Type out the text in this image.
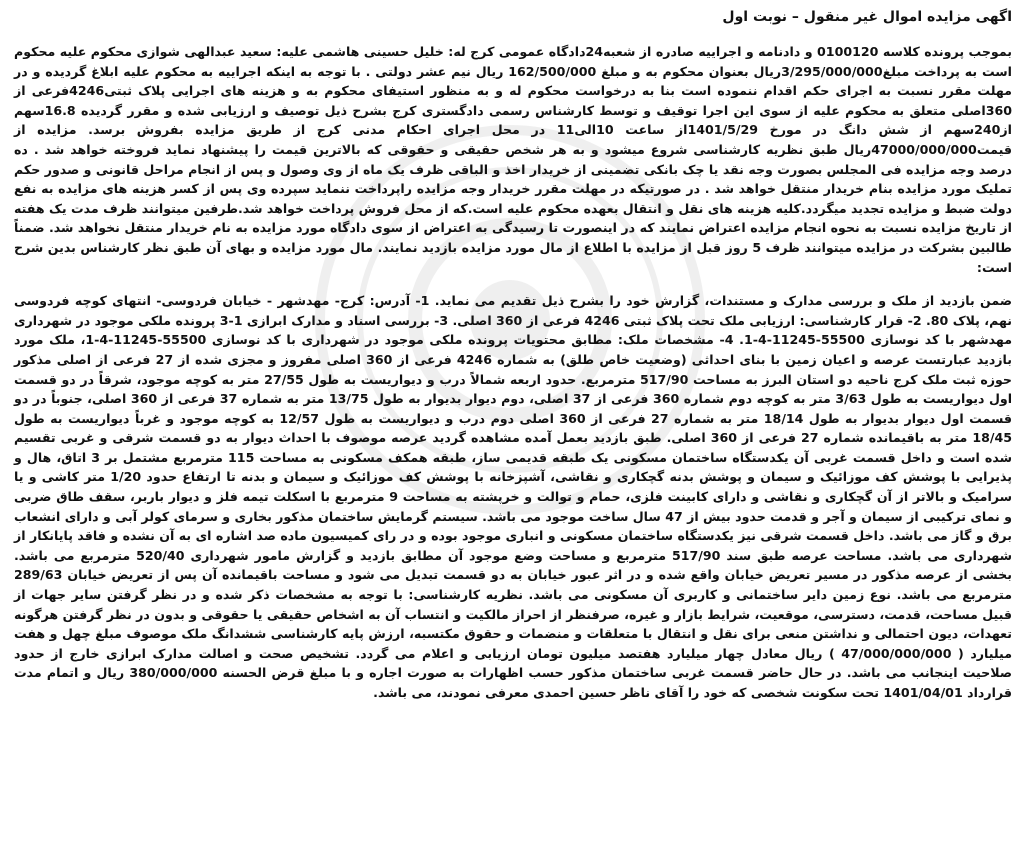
اگهی مزایده اموال غیر منقول – نوبت اول

بموجب پرونده کلاسه 0100120 و دادنامه و اجراییه صادره از شعبه24دادگاه عمومی کرج له: خلیل حسینی هاشمی علیه: سعید عبدالهی شوازی محکوم علیه محکوم است به پرداخت مبلغ3/295/000/000ریال بعنوان محکوم به و مبلغ 162/500/000 ریال نیم عشر دولتی . با توجه به اینکه اجراییه به محکوم علیه ابلاغ گردیده و در مهلت مقرر نسبت به اجرای حکم اقدام ننموده است بنا به درخواست محکوم له و به منظور استیفای محکوم به و هزینه های اجرایی پلاک ثبتی4246فرعی از 360اصلی متعلق به محکوم علیه از سوی این اجرا توقیف و توسط کارشناس رسمی دادگستری کرج بشرح ذیل توصیف و ارزیابی شده و مقرر گردیده 16.8سهم از240سهم از شش دانگ در مورخ 1401/5/29از ساعت 10الی11 در محل اجرای احکام مدنی کرج از طریق مزایده بفروش برسد. مزایده از قیمت47000/000/000ریال طبق نظریه کارشناسی شروع میشود و به هر شخص حقیقی و حقوقی که بالاترین قیمت را پیشنهاد نماید فروخته خواهد شد . ده درصد وجه مزایده فی المجلس بصورت وجه نقد یا چک بانکی تضمینی از خریدار اخذ و الباقی ظرف یک ماه از وی وصول و پس از انجام مراحل قانونی و صدور حکم تملیک مورد مزایده بنام خریدار منتقل خواهد شد . در صورتیکه در مهلت مقرر خریدار وجه مزایده راپرداخت ننماید سپرده وی پس از کسر هزینه های مزایده به نفع دولت ضبط و مزایده تجدید میگردد.کلیه هزینه های نقل و انتقال بعهده محکوم علیه است.که از محل فروش پرداخت خواهد شد.طرفین میتوانند ظرف مدت یک هفته از تاریخ مزایده نسبت به نحوه انجام مزایده اعتراض نمایند که در اینصورت تا رسیدگی به اعتراض از سوی دادگاه مورد مزایده به نام خریدار منتقل نخواهد شد. ضمناً طالبین بشرکت در مزایده میتوانند ظرف 5 روز قبل از مزایده با اطلاع از مال مورد مزایده بازدید نمایند. مال مورد مزایده و بهای آن طبق نظر کارشناس بدین شرح است:

ضمن بازدید از ملک و بررسی مدارک و مستندات، گزارش خود را بشرح ذیل تقدیم می نماید. 1- آدرس: کرج- مهدشهر - خیابان فردوسی- انتهای کوچه فردوسی نهم، پلاک 80. 2- قرار کارشناسی: ارزیابی ملک تحت پلاک ثبتی 4246 فرعی از 360 اصلی. 3- بررسی اسناد و مدارک ابرازی 1-3 پرونده ملکی موجود در شهرداری مهدشهر با کد نوسازی 55500-11245-4-1. 4- مشخصات ملک: مطابق محتویات پرونده ملکی موجود در شهرداری با کد نوسازی 55500-11245-4-1، ملک مورد بازدید عبارتست عرصه و اعیان زمین با بنای احداثی (وضعیت خاص طلق) به شماره 4246 فرعی از 360 اصلی مفروز و مجزی شده از 27 فرعی از اصلی مذکور حوزه ثبت ملک کرج ناحیه دو استان البرز به مساحت 517/90 مترمربع. حدود اربعه شمالاً درب و دیواریست به طول 27/55 متر به کوچه موجود، شرقاً در دو قسمت اول دیواریست به طول 3/63 متر به کوچه دوم شماره 360 فرعی از 37 اصلی، دوم دیوار بدیوار به طول 13/75 متر به شماره 37 فرعی از 360 اصلی، جنوباً در دو قسمت اول دیوار بدیوار به طول 18/14 متر به شماره 27 فرعی از 360 اصلی دوم درب و دیواریست به طول 12/57 به کوچه موجود و غرباً دیواریست به طول 18/45 متر به باقیمانده شماره 27 فرعی از 360 اصلی. طبق بازدید بعمل آمده مشاهده گردید عرصه موصوف با احداث دیوار به دو قسمت شرقی و غربی تقسیم شده است و داخل قسمت غربی آن یکدستگاه ساختمان مسکونی یک طبقه قدیمی ساز، طبقه همکف مسکونی به مساحت 115 مترمربع مشتمل بر 3 اتاق، هال و پذیرایی با پوشش کف موزائیک و سیمان و پوشش بدنه گچکاری و نقاشی، آشپزخانه با پوشش کف موزائیک و سیمان و بدنه تا ارتفاع حدود 1/20 متر کاشی و یا سرامیک و بالاتر از آن گچکاری و نقاشی و دارای کابینت فلزی، حمام و توالت و خرپشته به مساحت 9 مترمربع با اسکلت تیمه فلز و دیوار باربر، سقف طاق ضربی و نمای ترکیبی از سیمان و آجر و قدمت حدود بیش از 47 سال ساخت موجود می باشد. سیستم گرمایش ساختمان مذکور بخاری و سرمای کولر آبی و دارای انشعاب برق و گاز می باشد. داخل قسمت شرقی نیز یکدستگاه ساختمان مسکونی و انباری موجود بوده و در رای کمیسیون ماده صد اشاره ای به آن نشده و فاقد پایانکار از شهرداری می باشد. مساحت عرصه طبق سند 517/90 مترمربع و مساحت وضع موجود آن مطابق بازدید و گزارش مامور شهرداری 520/40 مترمربع می باشد. بخشی از عرصه مذکور در مسیر تعریض خیابان واقع شده و در اثر عبور خیابان به دو قسمت تبدیل می شود و مساحت باقیمانده آن پس از تعریض خیابان 289/63 مترمربع می باشد. نوع زمین دایر ساختمانی و کاربری آن مسکونی می باشد. نظریه کارشناسی: با توجه به مشخصات ذکر شده و در نظر گرفتن سایر جهات از قبیل مساحت، قدمت، دسترسی، موقعیت، شرایط بازار و غیره، صرفنظر از احراز مالکیت و انتساب آن به اشخاص حقیقی یا حقوقی و بدون در نظر گرفتن هرگونه تعهدات، دیون احتمالی و نداشتن منعی برای نقل و انتقال با متعلقات و منضمات و حقوق مکتسبه، ارزش پایه کارشناسی ششدانگ ملک موصوف مبلغ چهل و هفت میلیارد ( 47/000/000/000 ) ریال معادل چهار میلیارد هفتصد میلیون تومان ارزیابی و اعلام می گردد. تشخیص صحت و اصالت مدارک ابرازی خارج از حدود صلاحیت اینجانب می باشد. در حال حاضر قسمت غربی ساختمان مذکور حسب اظهارات به صورت اجاره و با مبلغ قرض الحسنه 380/000/000 ریال و اتمام مدت قرارداد 1401/04/01 تحت سکونت شخصی که خود را آقای ناظر حسین احمدی معرفی نمودند، می باشد.
